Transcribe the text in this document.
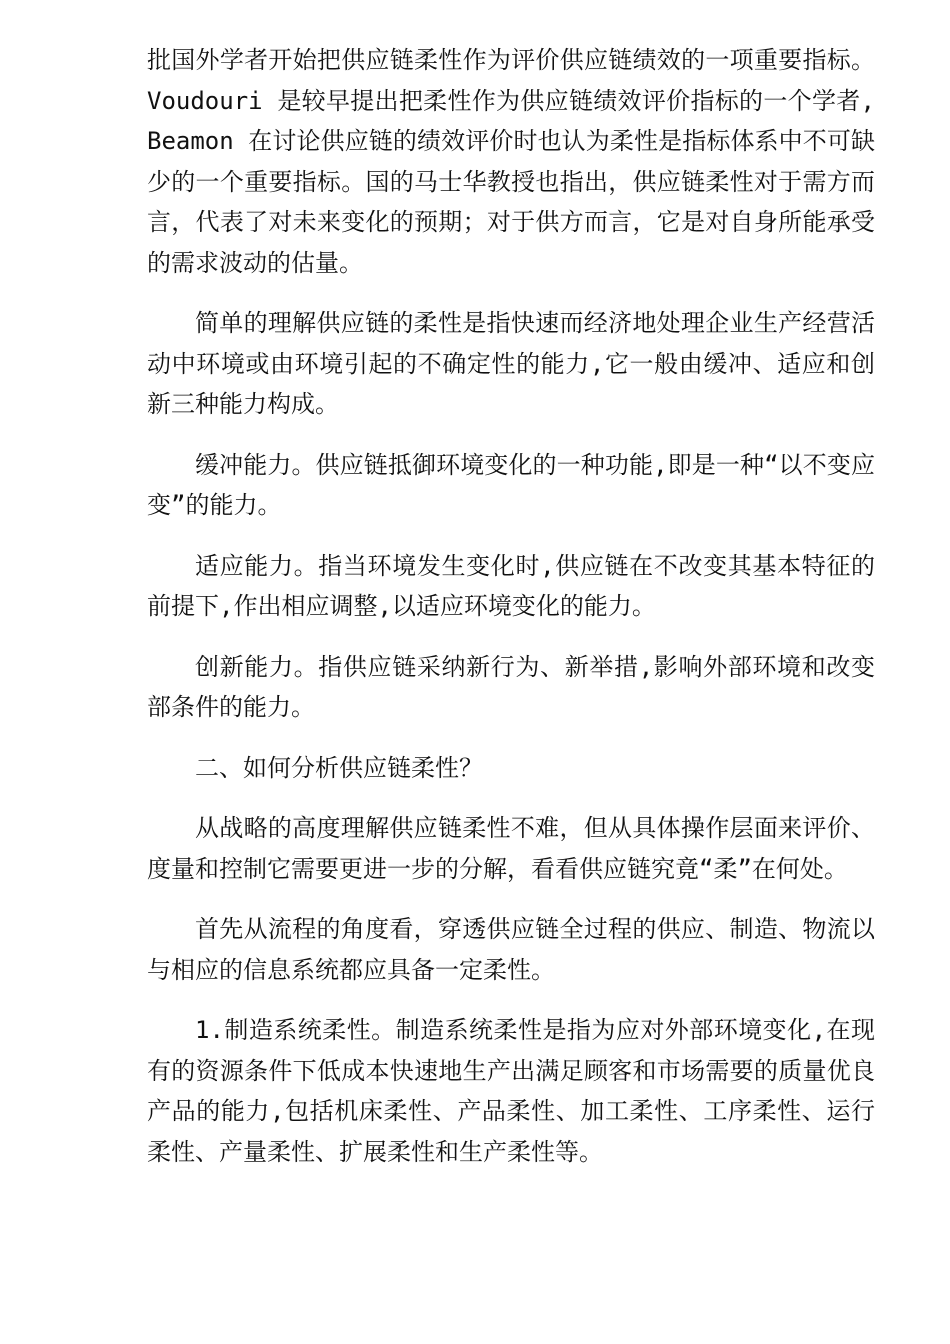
批国外学者开始把供应链柔性作为评价供应链绩效的一项重要指标。Voudouri 是较早提出把柔性作为供应链绩效评价指标的一个学者,Beamon 在讨论供应链的绩效评价时也认为柔性是指标体系中不可缺少的一个重要指标。国的马士华教授也指出，供应链柔性对于需方而言，代表了对未来变化的预期；对于供方而言，它是对自身所能承受的需求波动的估量。

简单的理解供应链的柔性是指快速而经济地处理企业生产经营活动中环境或由环境引起的不确定性的能力,它一般由缓冲、适应和创新三种能力构成。

缓冲能力。供应链抵御环境变化的一种功能,即是一种“以不变应变”的能力。

适应能力。指当环境发生变化时,供应链在不改变其基本特征的前提下,作出相应调整,以适应环境变化的能力。

创新能力。指供应链采纳新行为、新举措,影响外部环境和改变部条件的能力。

二、如何分析供应链柔性？

从战略的高度理解供应链柔性不难，但从具体操作层面来评价、度量和控制它需要更进一步的分解，看看供应链究竟“柔”在何处。

首先从流程的角度看，穿透供应链全过程的供应、制造、物流以与相应的信息系统都应具备一定柔性。

1.制造系统柔性。制造系统柔性是指为应对外部环境变化,在现有的资源条件下低成本快速地生产出满足顾客和市场需要的质量优良产品的能力,包括机床柔性、产品柔性、加工柔性、工序柔性、运行柔性、产量柔性、扩展柔性和生产柔性等。
